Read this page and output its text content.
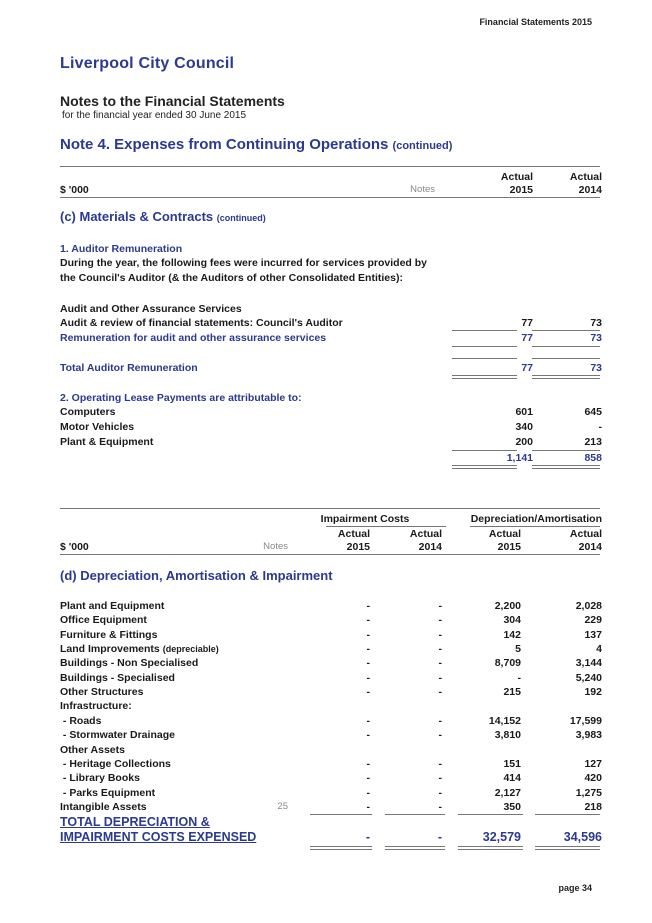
Financial Statements 2015
Liverpool City Council
Notes to the Financial Statements
for the financial year ended 30 June 2015
Note 4. Expenses from Continuing Operations (continued)
Actual	Actual
$ '000	Notes	2015	2014
(c) Materials & Contracts (continued)
1. Auditor Remuneration
During the year, the following fees were incurred for services provided by
the Council's Auditor (& the Auditors of other Consolidated Entities):
Audit and Other Assurance Services
Audit & review of financial statements: Council's Auditor	77	73
Remuneration for audit and other assurance services	77	73
Total Auditor Remuneration	77	73
2. Operating Lease Payments are attributable to:
Computers	601	645
Motor Vehicles	340	-
Plant & Equipment	200	213
1,141	858
Impairment Costs	Depreciation/Amortisation
Actual	Actual	Actual	Actual
$ '000	Notes	2015	2014	2015	2014
(d) Depreciation, Amortisation & Impairment
Plant and Equipment	-	-	2,200	2,028
Office Equipment	-	-	304	229
Furniture & Fittings	-	-	142	137
Land Improvements (depreciable)	-	-	5	4
Buildings - Non Specialised	-	-	8,709	3,144
Buildings - Specialised	-	-	-	5,240
Other Structures	-	-	215	192
Infrastructure:
- Roads	-	-	14,152	17,599
- Stormwater Drainage	-	-	3,810	3,983
Other Assets
- Heritage Collections	-	-	151	127
- Library Books	-	-	414	420
- Parks Equipment	-	-	2,127	1,275
Intangible Assets	25	-	-	350	218
TOTAL DEPRECIATION &
IMPAIRMENT COSTS EXPENSED	-	-	32,579	34,596
page 34
